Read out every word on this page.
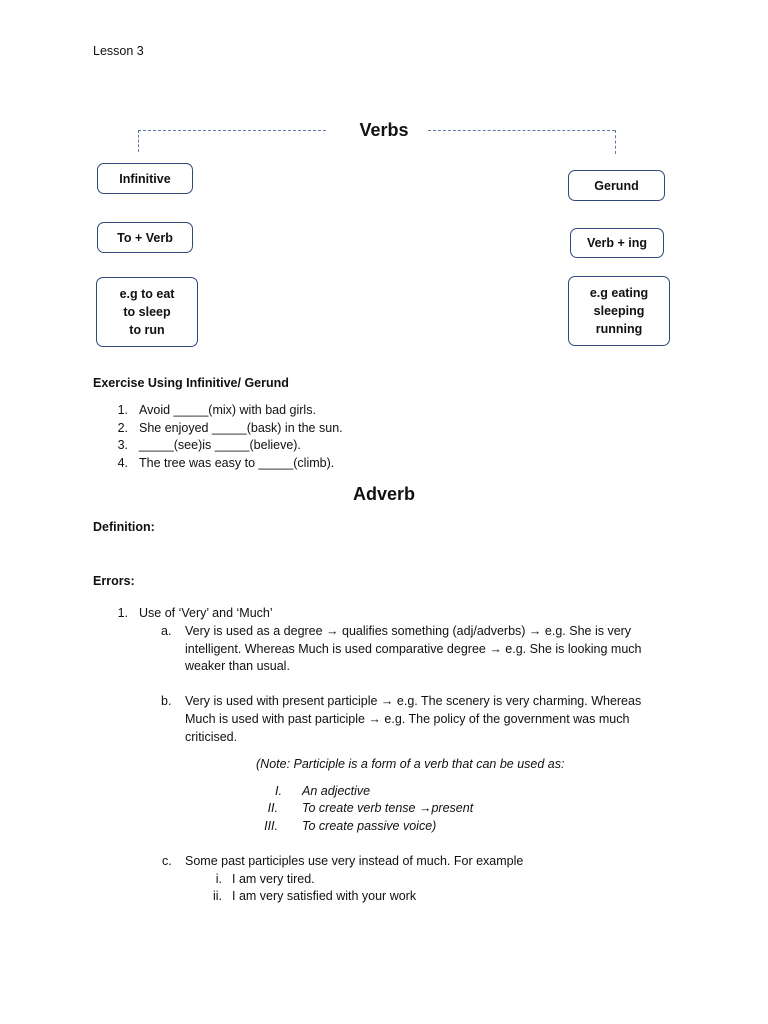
Lesson 3
Verbs
Infinitive
To + Verb
e.g to eat
to sleep
to run
Gerund
Verb + ing
e.g eating
sleeping
running
Exercise Using Infinitive/ Gerund
1. Avoid _____(mix) with bad girls.
2. She enjoyed _____(bask) in the sun.
3. _____(see)is _____(believe).
4. The tree was easy to _____(climb).
Adverb
Definition:
Errors:
1. Use of ‘Very’ and ‘Much’
a. Very is used as a degree → qualifies something (adj/adverbs) → e.g. She is very
intelligent. Whereas Much is used comparative degree → e.g. She is looking much
weaker than usual.
b. Very is used with present participle → e.g. The scenery is very charming. Whereas
Much is used with past participle → e.g. The policy of the government was much
criticised.
(Note: Participle is a form of a verb that can be used as:
I. An adjective
II. To create verb tense →present
III. To create passive voice)
c. Some past participles use very instead of much. For example
i. I am very tired.
ii. I am very satisfied with your work
